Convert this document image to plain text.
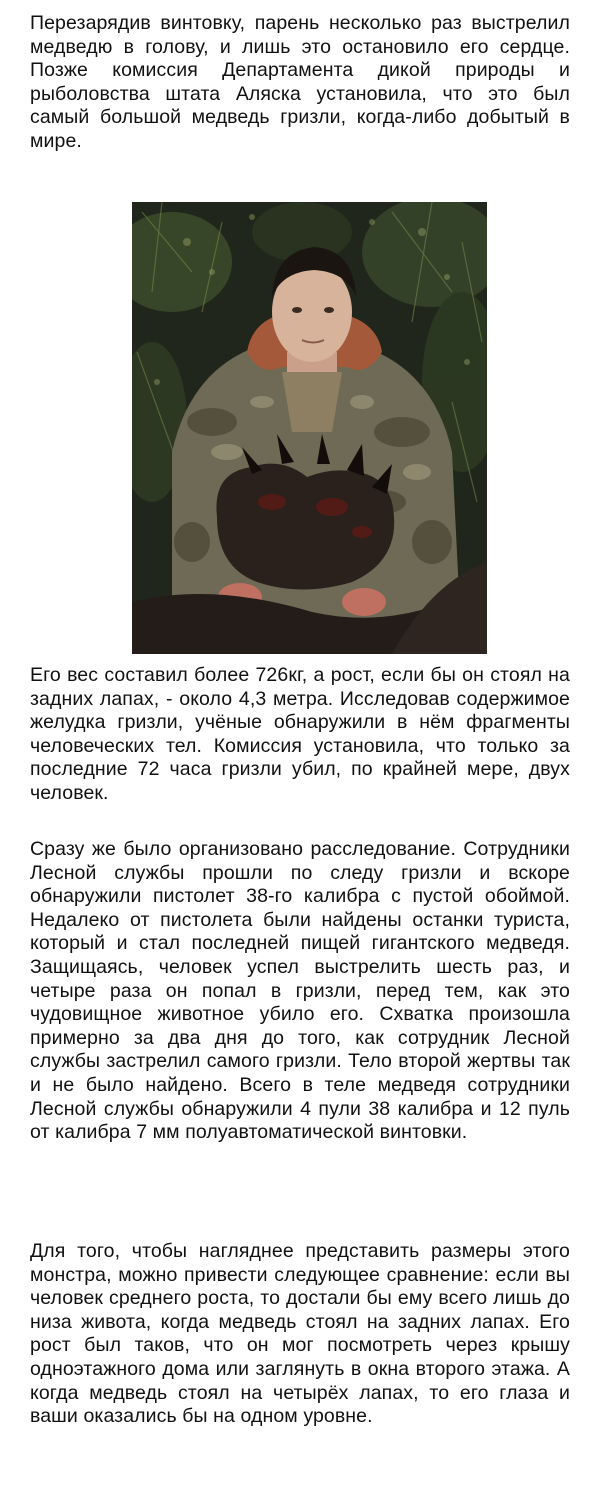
Перезарядив винтовку, парень несколько раз выстрелил медведю в голову, и лишь это остановило его сердце. Позже комиссия Департамента дикой природы и рыболовства штата Аляска установила, что это был самый большой медведь гризли, когда-либо добытый в мире.

Его вес составил более 726кг, а рост, если бы он стоял на задних лапах, - около 4,3 метра. Исследовав содержимое желудка гризли, учёные обнаружили в нём фрагменты человеческих тел. Комиссия установила, что только за последние 72 часа гризли убил, по крайней мере, двух человек.

Сразу же было организовано расследование. Сотрудники Лесной службы прошли по следу гризли и вскоре обнаружили пистолет 38-го калибра с пустой обоймой. Недалеко от пистолета были найдены останки туриста, который и стал последней пищей гигантского медведя. Защищаясь, человек успел выстрелить шесть раз, и четыре раза он попал в гризли, перед тем, как это чудовищное животное убило его. Схватка произошла примерно за два дня до того, как сотрудник Лесной службы застрелил самого гризли. Тело второй жертвы так и не было найдено. Всего в теле медведя сотрудники Лесной службы обнаружили 4 пули 38 калибра и 12 пуль от калибра 7 мм полуавтоматической винтовки.

Для того, чтобы нагляднее представить размеры этого монстра, можно привести следующее сравнение: если вы человек среднего роста, то достали бы ему всего лишь до низа живота, когда медведь стоял на задних лапах. Его рост был таков, что он мог посмотреть через крышу одноэтажного дома или заглянуть в окна второго этажа. А когда медведь стоял на четырёх лапах, то его глаза и ваши оказались бы на одном уровне.
